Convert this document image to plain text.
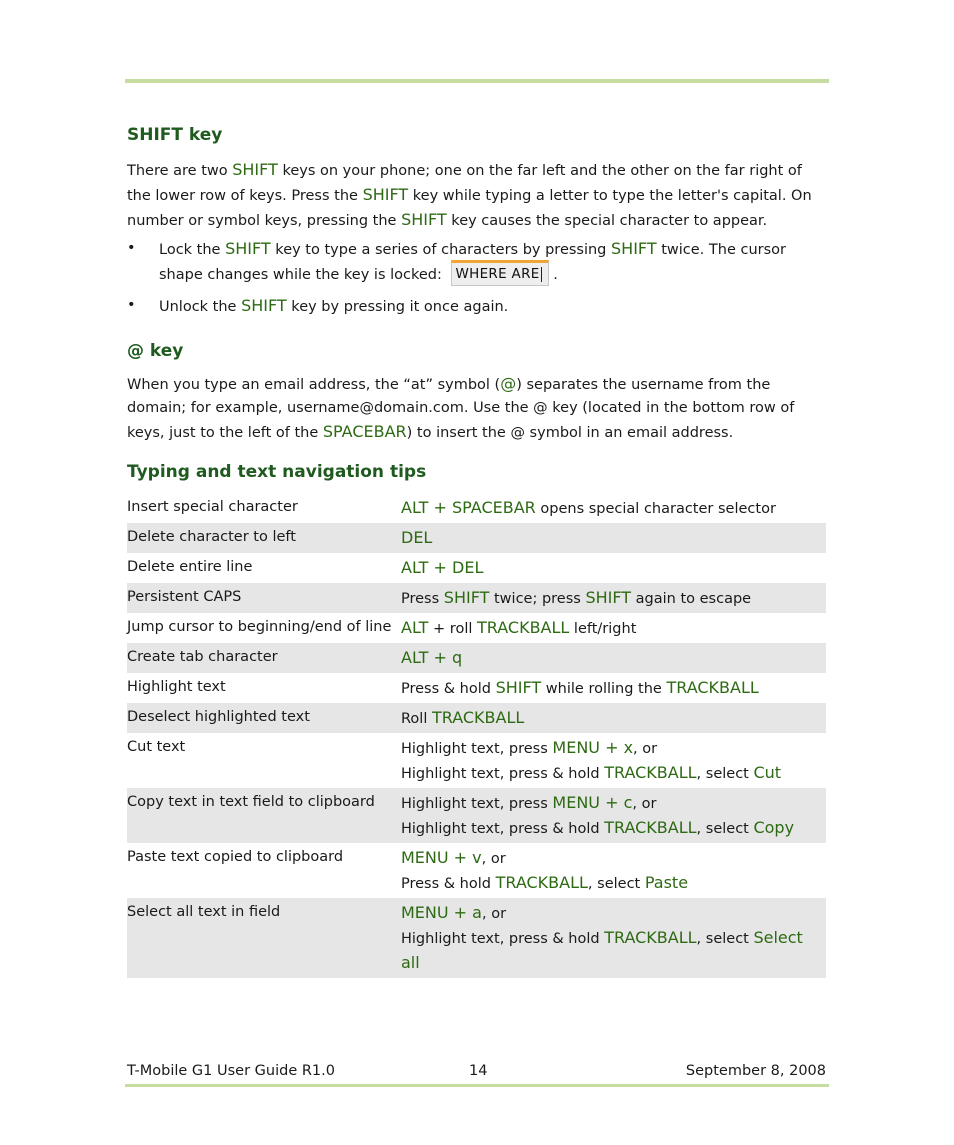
SHIFT key

There are two SHIFT keys on your phone; one on the far left and the other on the far right of the lower row of keys. Press the SHIFT key while typing a letter to type the letter's capital. On number or symbol keys, pressing the SHIFT key causes the special character to appear.

• Lock the SHIFT key to type a series of characters by pressing SHIFT twice. The cursor shape changes while the key is locked: WHERE ARE .
• Unlock the SHIFT key by pressing it once again.
@ key

When you type an email address, the “at” symbol (@) separates the username from the domain; for example, username@domain.com. Use the @ key (located in the bottom row of keys, just to the left of the SPACEBAR) to insert the @ symbol in an email address.

Typing and text navigation tips
Insert special character	ALT + SPACEBAR opens special character selector

Delete character to left	DEL

Delete entire line	ALT + DEL

Persistent CAPS	Press SHIFT twice; press SHIFT again to escape

Jump cursor to beginning/end of line	ALT + roll TRACKBALL left/right

Create tab character	ALT + q

Highlight text	Press & hold SHIFT while rolling the TRACKBALL

Deselect highlighted text	Roll TRACKBALL

Cut text	Highlight text, press MENU + x, or
Highlight text, press & hold TRACKBALL, select Cut

Copy text in text field to clipboard	Highlight text, press MENU + c, or
Highlight text, press & hold TRACKBALL, select Copy

Paste text copied to clipboard	MENU + v, or
Press & hold TRACKBALL, select Paste

Select all text in field	MENU + a, or
Highlight text, press & hold TRACKBALL, select Select all
T-Mobile G1 User Guide R1.0	14	September 8, 2008
